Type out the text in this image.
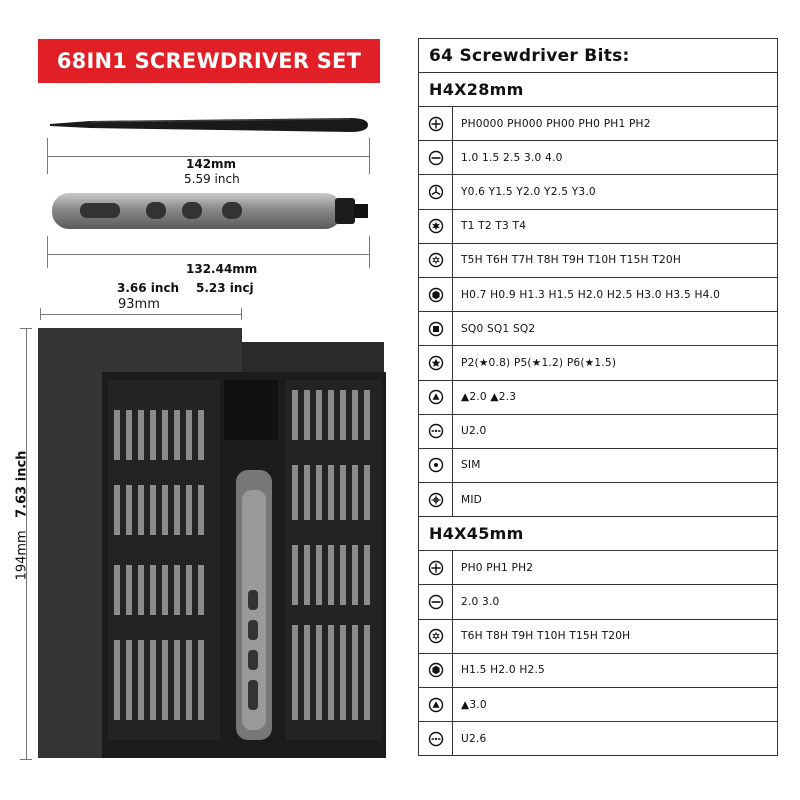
68IN1 SCREWDRIVER SET
142mm
5.59 inch
132.44mm
3.66 inch 5.23 incj
93mm
194mm   7.63 inch
64 Screwdriver Bits:
H4X28mm
PH0000 PH000 PH00 PH0 PH1 PH2
1.0 1.5 2.5 3.0 4.0
Y0.6 Y1.5 Y2.0 Y2.5 Y3.0
T1 T2 T3 T4
T5H T6H T7H T8H T9H T10H T15H T20H
H0.7 H0.9 H1.3 H1.5 H2.0 H2.5 H3.0 H3.5 H4.0
SQ0 SQ1 SQ2
P2(★0.8) P5(★1.2) P6(★1.5)
▲2.0 ▲2.3
U2.0
SIM
MID
H4X45mm
PH0 PH1 PH2
2.0 3.0
T6H T8H T9H T10H T15H T20H
H1.5 H2.0 H2.5
▲3.0
U2.6
